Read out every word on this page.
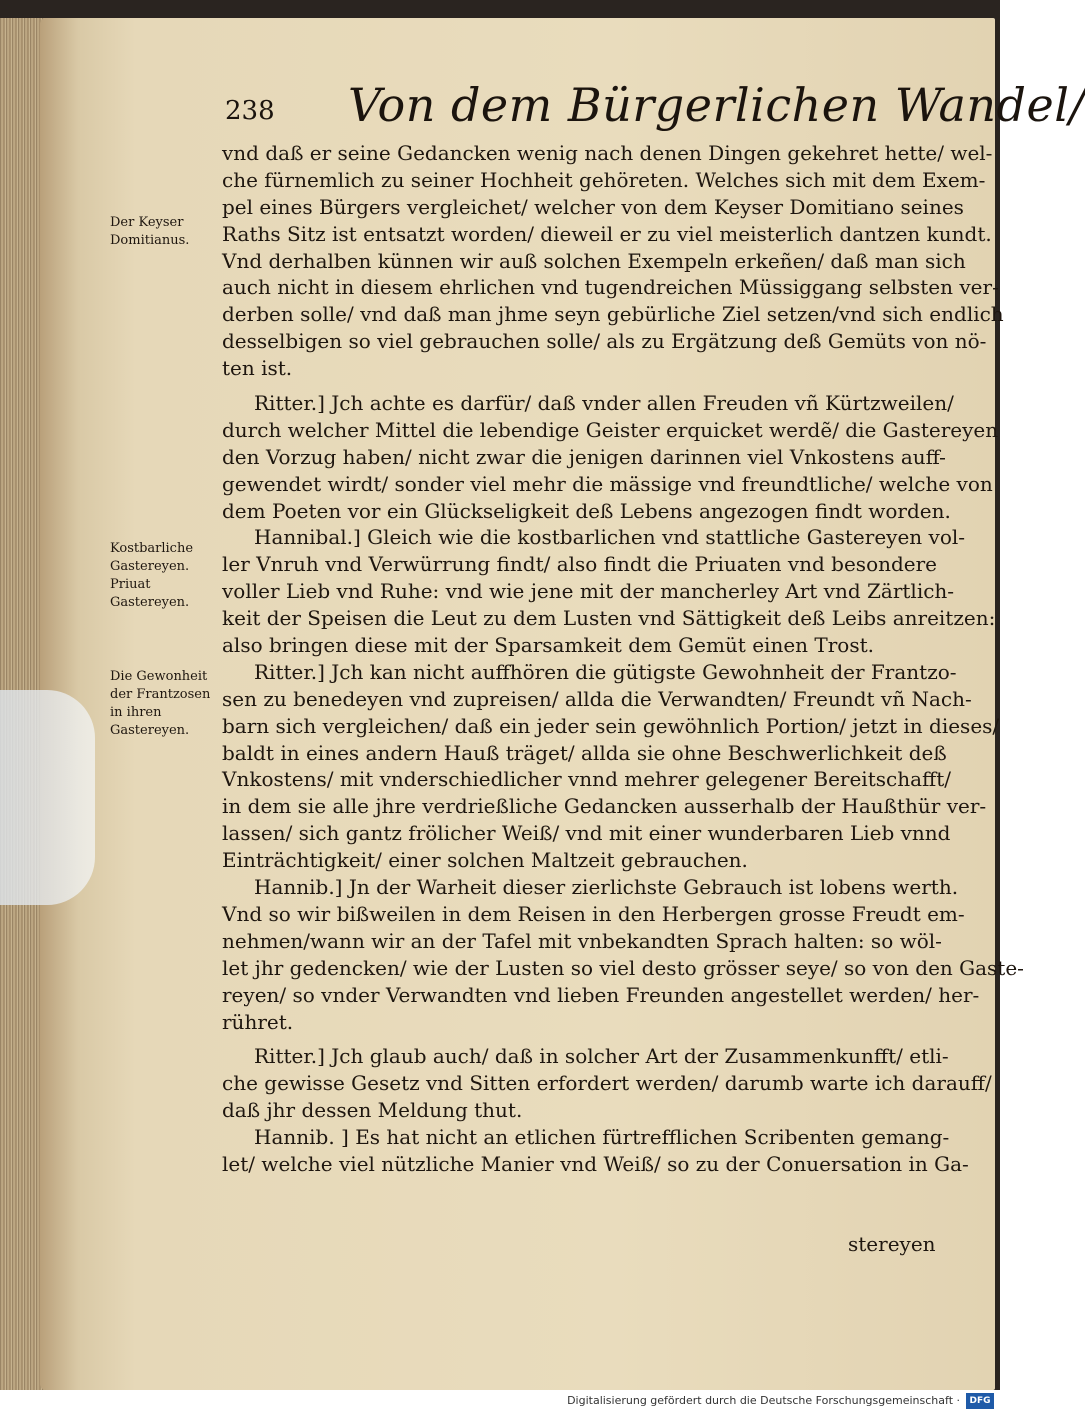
238 Von dem Bürgerlichen Wandel/
Der Keyser Domitianus.
Kostbarliche Gastereyen. Priuat Gastereyen.
Die Gewonheit der Frantzosen in ihren Gastereyen.
vnd daß er seine Gedancken wenig nach denen Dingen gekehret hette/ wel-
che fürnemlich zu seiner Hochheit gehöreten. Welches sich mit dem Exem-
pel eines Bürgers vergleichet/ welcher von dem Keyser Domitiano seines
Raths Sitz ist entsatzt worden/ dieweil er zu viel meisterlich dantzen kundt.
Vnd derhalben künnen wir auß solchen Exempeln erkeñen/ daß man sich
auch nicht in diesem ehrlichen vnd tugendreichen Müssiggang selbsten ver-
derben solle/ vnd daß man jhme seyn gebürliche Ziel setzen/vnd sich endlich
desselbigen so viel gebrauchen solle/ als zu Ergätzung deß Gemüts von nö-
ten ist.
Ritter.] Jch achte es darfür/ daß vnder allen Freuden vñ Kürtzweilen/
durch welcher Mittel die lebendige Geister erquicket werdẽ/ die Gastereyen
den Vorzug haben/ nicht zwar die jenigen darinnen viel Vnkostens auff-
gewendet wirdt/ sonder viel mehr die mässige vnd freundtliche/ welche von
dem Poeten vor ein Glückseligkeit deß Lebens angezogen findt worden.
Hannibal.] Gleich wie die kostbarlichen vnd stattliche Gastereyen vol-
ler Vnruh vnd Verwürrung findt/ also findt die Priuaten vnd besondere
voller Lieb vnd Ruhe: vnd wie jene mit der mancherley Art vnd Zärtlich-
keit der Speisen die Leut zu dem Lusten vnd Sättigkeit deß Leibs anreitzen:
also bringen diese mit der Sparsamkeit dem Gemüt einen Trost.
Ritter.] Jch kan nicht auffhören die gütigste Gewohnheit der Frantzo-
sen zu benedeyen vnd zupreisen/ allda die Verwandten/ Freundt vñ Nach-
barn sich vergleichen/ daß ein jeder sein gewöhnlich Portion/ jetzt in dieses/
baldt in eines andern Hauß träget/ allda sie ohne Beschwerlichkeit deß
Vnkostens/ mit vnderschiedlicher vnnd mehrer gelegener Bereitschafft/
in dem sie alle jhre verdrießliche Gedancken ausserhalb der Haußthür ver-
lassen/ sich gantz frölicher Weiß/ vnd mit einer wunderbaren Lieb vnnd
Einträchtigkeit/ einer solchen Maltzeit gebrauchen.
Hannib.] Jn der Warheit dieser zierlichste Gebrauch ist lobens werth.
Vnd so wir bißweilen in dem Reisen in den Herbergen grosse Freudt em-
nehmen/wann wir an der Tafel mit vnbekandten Sprach halten: so wöl-
let jhr gedencken/ wie der Lusten so viel desto grösser seye/ so von den Gaste-
reyen/ so vnder Verwandten vnd lieben Freunden angestellet werden/ her-
rühret.
Ritter.] Jch glaub auch/ daß in solcher Art der Zusammenkunfft/ etli-
che gewisse Gesetz vnd Sitten erfordert werden/ darumb warte ich darauff/
daß jhr dessen Meldung thut.
Hannib. ] Es hat nicht an etlichen fürtrefflichen Scribenten gemang-
let/ welche viel nützliche Manier vnd Weiß/ so zu der Conuersation in Ga-
stereyen
Digitalisierung gefördert durch die Deutsche Forschungsgemeinschaft ·	DFG
